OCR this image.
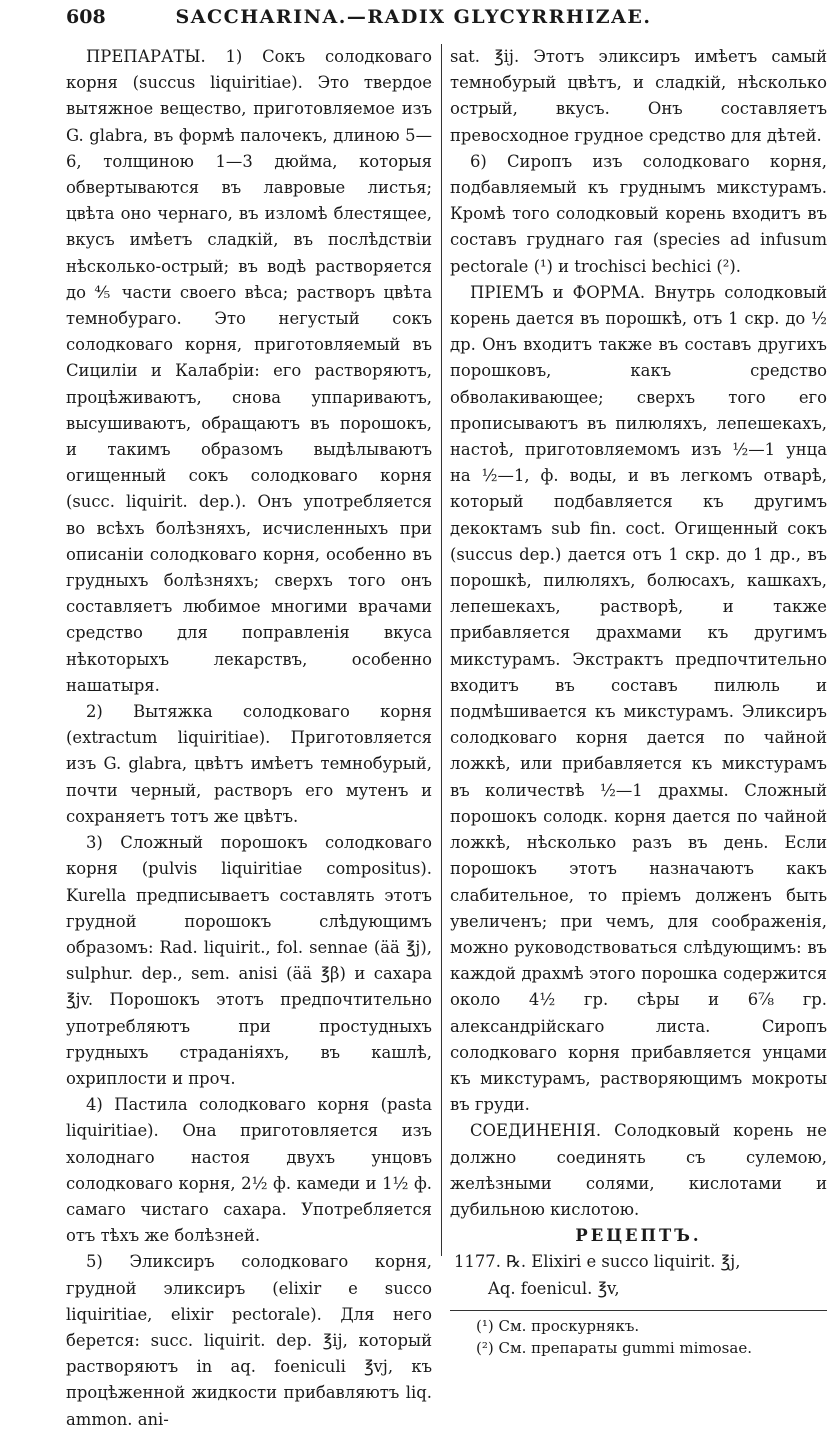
608	SACCHARINA.—RADIX GLYCYRRHIZAE.

ПРЕПАРАТЫ. 1) Сокъ солодковаго корня (succus liquiritiae). Это твердое вытяжное вещество, приготовляемое изъ G. glabra, въ формѣ палочекъ, длиною 5—6, толщиною 1—3 дюйма, которыя обвертываются въ лавровые листья; цвѣта оно чернаго, въ изломѣ блестящее, вкусъ имѣетъ сладкій, въ послѣдствіи нѣсколько-острый; въ водѣ растворяется до ⅘ части своего вѣса; растворъ цвѣта темнобураго. Это негустый сокъ солодковаго корня, приготовляемый въ Сициліи и Калабріи: его растворяютъ, процѣживаютъ, снова уппариваютъ, высушиваютъ, обращаютъ въ порошокъ, и такимъ образомъ выдѣлываютъ огищенный сокъ солодковаго корня (succ. liquirit. dep.). Онъ употребляется во всѣхъ болѣзняхъ, исчисленныхъ при описаніи солодковаго корня, особенно въ грудныхъ болѣзняхъ; сверхъ того онъ составляетъ любимое многими врачами средство для поправленія вкуса нѣкоторыхъ лекарствъ, особенно нашатыря.

2) Вытяжка солодковаго корня (extractum liquiritiae). Приготовляется изъ G. glabra, цвѣтъ имѣетъ темнобурый, почти черный, растворъ его мутенъ и сохраняетъ тотъ же цвѣтъ.

3) Сложный порошокъ солодковаго корня (pulvis liquiritiae compositus). Kurella предписываетъ составлять этотъ грудной порошокъ слѣдующимъ образомъ: Rad. liquirit., fol. sennae (ää ℥j), sulphur. dep., sem. anisi (ää ℥β) и сахара ℥jv. Порошокъ этотъ предпочтительно употребляютъ при простудныхъ грудныхъ страданіяхъ, въ кашлѣ, охриплости и проч.

4) Пастила солодковаго корня (pasta liquiritiae). Она приготовляется изъ холоднаго настоя двухъ унцовъ солодковаго корня, 2½ ф. камеди и 1½ ф. самаго чистаго сахара. Употребляется отъ тѣхъ же болѣзней.

5) Эликсиръ солодковаго корня, грудной эликсиръ (elixir e succo liquiritiae, elixir pectorale). Для него берется: succ. liquirit. dep. ℥ij, который растворяютъ in aq. foeniculi ℥vj, къ процѣженной жидкости прибавляютъ liq. ammon. ani-

sat. ℥ij. Этотъ эликсиръ имѣетъ самый темнобурый цвѣтъ, и сладкій, нѣсколько острый, вкусъ. Онъ составляетъ превосходное грудное средство для дѣтей.

6) Сиропъ изъ солодковаго корня, подбавляемый къ груднымъ микстурамъ. Кромѣ того солодковый корень входитъ въ составъ груднаго гая (species ad infusum pectorale (¹) и trochisci bechici (²).

ПРІЕМЪ и ФОРМА. Внутрь солодковый корень дается въ порошкѣ, отъ 1 скр. до ½ др. Онъ входитъ также въ составъ другихъ порошковъ, какъ средство обволакивающее; сверхъ того его прописываютъ въ пилюляхъ, лепешекахъ, настоѣ, приготовляемомъ изъ ½—1 унца на ½—1, ф. воды, и въ легкомъ отварѣ, который подбавляется къ другимъ декоктамъ sub fin. coct. Огищенный сокъ (succus dep.) дается отъ 1 скр. до 1 др., въ порошкѣ, пилюляхъ, болюсахъ, кашкахъ, лепешекахъ, растворѣ, и также прибавляется драхмами къ другимъ микстурамъ. Экстрактъ предпочтительно входитъ въ составъ пилюль и подмѣшивается къ микстурамъ. Эликсиръ солодковаго корня дается по чайной ложкѣ, или прибавляется къ микстурамъ въ количествѣ ½—1 драхмы. Сложный порошокъ солодк. корня дается по чайной ложкѣ, нѣсколько разъ въ день. Если порошокъ этотъ назначаютъ какъ слабительное, то пріемъ долженъ быть увеличенъ; при чемъ, для соображенія, можно руководствоваться слѣдующимъ: въ каждой драхмѣ этого порошка содержится около 4½ гр. сѣры и 6⅞ гр. александрійскаго листа. Сиропъ солодковаго корня прибавляется унцами къ микстурамъ, растворяющимъ мокроты въ груди.

СОЕДИНЕНІЯ. Солодковый корень не должно соединять съ сулемою, желѣзными солями, кислотами и дубильною кислотою.

РЕЦЕПТЪ.

1177. ℞. Elixiri e succo liquirit. ℥j,

Aq. foenicul. ℥v,

(¹) См. проскурнякъ.

(²) См. препараты gummi mimosae.
